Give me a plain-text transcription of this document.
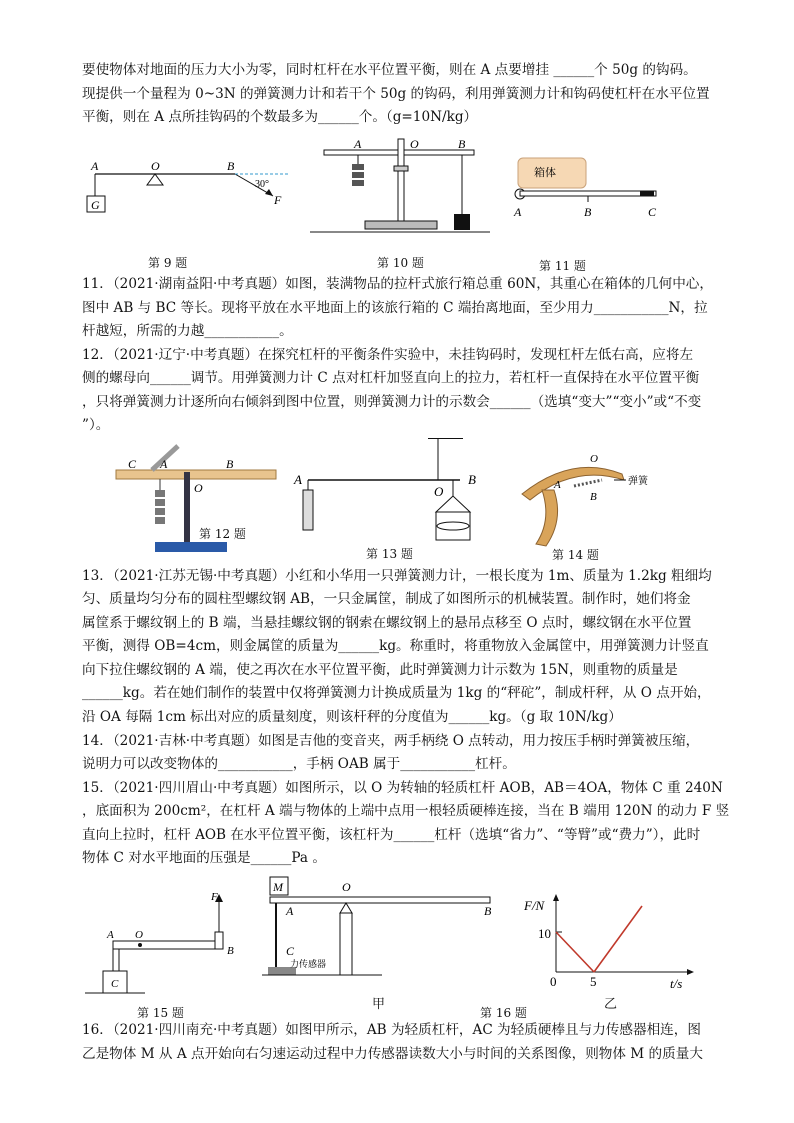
要使物体对地面的压力大小为零，同时杠杆在水平位置平衡，则在 A 点要增挂 ______个 50g 的钩码。
现提供一个量程为 0~3N 的弹簧测力计和若干个 50g 的钩码，利用弹簧测力计和钩码使杠杆在水平位置
平衡，则在 A 点所挂钩码的个数最多为______个。（g=10N/kg）
A	O	B
G	F
30°
第 9 题
A	O	B
第 10 题
箱体
A	B	C
第 11 题
11．（2021·湖南益阳·中考真题）如图，装满物品的拉杆式旅行箱总重 60N，其重心在箱体的几何中心，
图中 AB 与 BC 等长。现将平放在水平地面上的该旅行箱的 C 端抬离地面，至少用力___________N，拉
杆越短，所需的力越___________。
12．（2021·辽宁·中考真题）在探究杠杆的平衡条件实验中，未挂钩码时，发现杠杆左低右高，应将左
侧的螺母向______调节。用弹簧测力计 C 点对杠杆加竖直向上的拉力，若杠杆一直保持在水平位置平衡
，只将弹簧测力计逐所向右倾斜到图中位置，则弹簧测力计的示数会______（选填“变大”“变小”或“不变
”）。
C A	B
O
第 12 题
A
O
B
第 13 题
O
A
B
弹簧
第 14 题
13．（2021·江苏无锡·中考真题）小红和小华用一只弹簧测力计，一根长度为 1m、质量为 1.2kg 粗细均
匀、质量均匀分布的圆柱型螺纹钢 AB，一只金属筐，制成了如图所示的机械装置。制作时，她们将金
属筐系于螺纹钢上的 B 端，当悬挂螺纹钢的钢索在螺纹钢上的悬吊点移至 O 点时，螺纹钢在水平位置
平衡，测得 OB=4cm，则金属筐的质量为______kg。称重时，将重物放入金属筐中，用弹簧测力计竖直
向下拉住螺纹钢的 A 端，使之再次在水平位置平衡，此时弹簧测力计示数为 15N，则重物的质量是
______kg。若在她们制作的装置中仅将弹簧测力计换成质量为 1kg 的“秤砣”，制成杆秤，从 O 点开始，
沿 OA 每隔 1cm 标出对应的质量刻度，则该杆秤的分度值为______kg。（g 取 10N/kg）
14．（2021·吉林·中考真题）如图是吉他的变音夹，两手柄绕 O 点转动，用力按压手柄时弹簧被压缩，
说明力可以改变物体的___________，手柄 OAB 属于___________杠杆。
15．（2021·四川眉山·中考真题）如图所示，以 O 为转轴的轻质杠杆 AOB，AB＝4OA，物体 C 重 240N
，底面积为 200cm²，在杠杆 A 端与物体的上端中点用一根轻质硬棒连接，当在 B 端用 120N 的动力 F 竖
直向上拉时，杠杆 AOB 在水平位置平衡，该杠杆为______杠杆（选填“省力”、“等臂”或“费力”），此时
物体 C 对水平地面的压强是______Pa 。
A O
B
F
C
第 15 题
M	O
A	B
C
力传感器
甲
F/N
10
0	5	t/s
乙
第 16 题
16．（2021·四川南充·中考真题）如图甲所示，AB 为轻质杠杆，AC 为轻质硬棒且与力传感器相连，图
乙是物体 M 从 A 点开始向右匀速运动过程中力传感器读数大小与时间的关系图像，则物体 M 的质量大
